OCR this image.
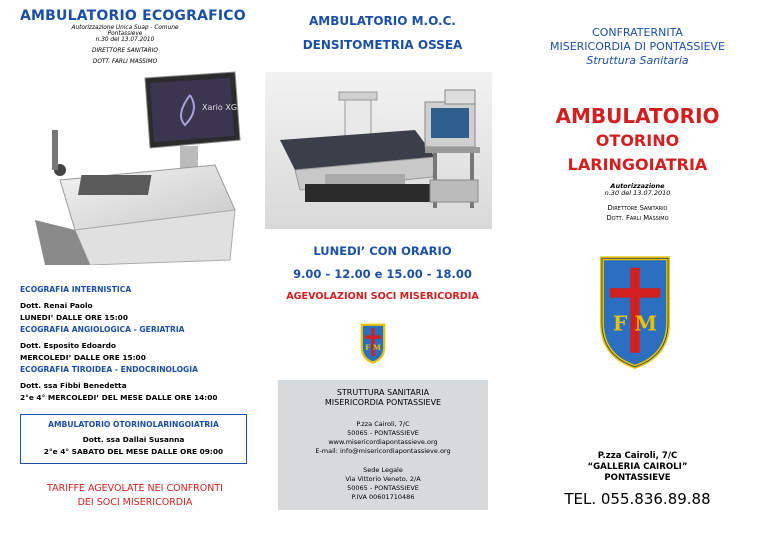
AMBULATORIO ECOGRAFICO
Autorizzazione Unica Suap - Comune Pontassieve
n.30 del 13.07.2010
DIRETTORE SANITARIO
DOTT. FARLI MASSIMO
Xario XG
ECOGRAFIA INTERNISTICA
Dott. Renai Paolo
LUNEDI’ DALLE ORE 15:00
ECOGRAFIA ANGIOLOGICA - GERIATRIA
Dott. Esposito Edoardo
MERCOLEDI’ DALLE ORE 15:00
ECOGRAFIA TIROIDEA - ENDOCRINOLOGIA
Dott. ssa Fibbi Benedetta
2°e 4° MERCOLEDI’ DEL MESE DALLE ORE 14:00
AMBULATORIO OTORINOLARINGOIATRIA
Dott. ssa Dallai Susanna
2°e 4° SABATO DEL MESE DALLE ORE 09:00
TARIFFE AGEVOLATE NEI CONFRONTI
DEI SOCI MISERICORDIA
AMBULATORIO M.O.C.
DENSITOMETRIA OSSEA
LUNEDI’ CON ORARIO
9.00 - 12.00 e 15.00 - 18.00
AGEVOLAZIONI SOCI MISERICORDIA
F M
STRUTTURA SANITARIA
MISERICORDIA PONTASSIEVE
P.zza Cairoli, 7/C
50065 - PONTASSIEVE
www.misericordiapontassieve.org
E-mail: info@misericordiapontassieve.org
Sede Legale
Via Vittorio Veneto, 2/A
50065 - PONTASSIEVE
P.IVA 00601710486
CONFRATERNITA
MISERICORDIA DI PONTASSIEVE
Struttura Sanitaria
AMBULATORIO
OTORINO
LARINGOIATRIA
Autorizzazione
n.30 del 13.07.2010
Direttore Sanitario
Dott. Farli Massimo
F M
P.zza Cairoli, 7/C
“GALLERIA CAIROLI”
PONTASSIEVE
TEL. 055.836.89.88
